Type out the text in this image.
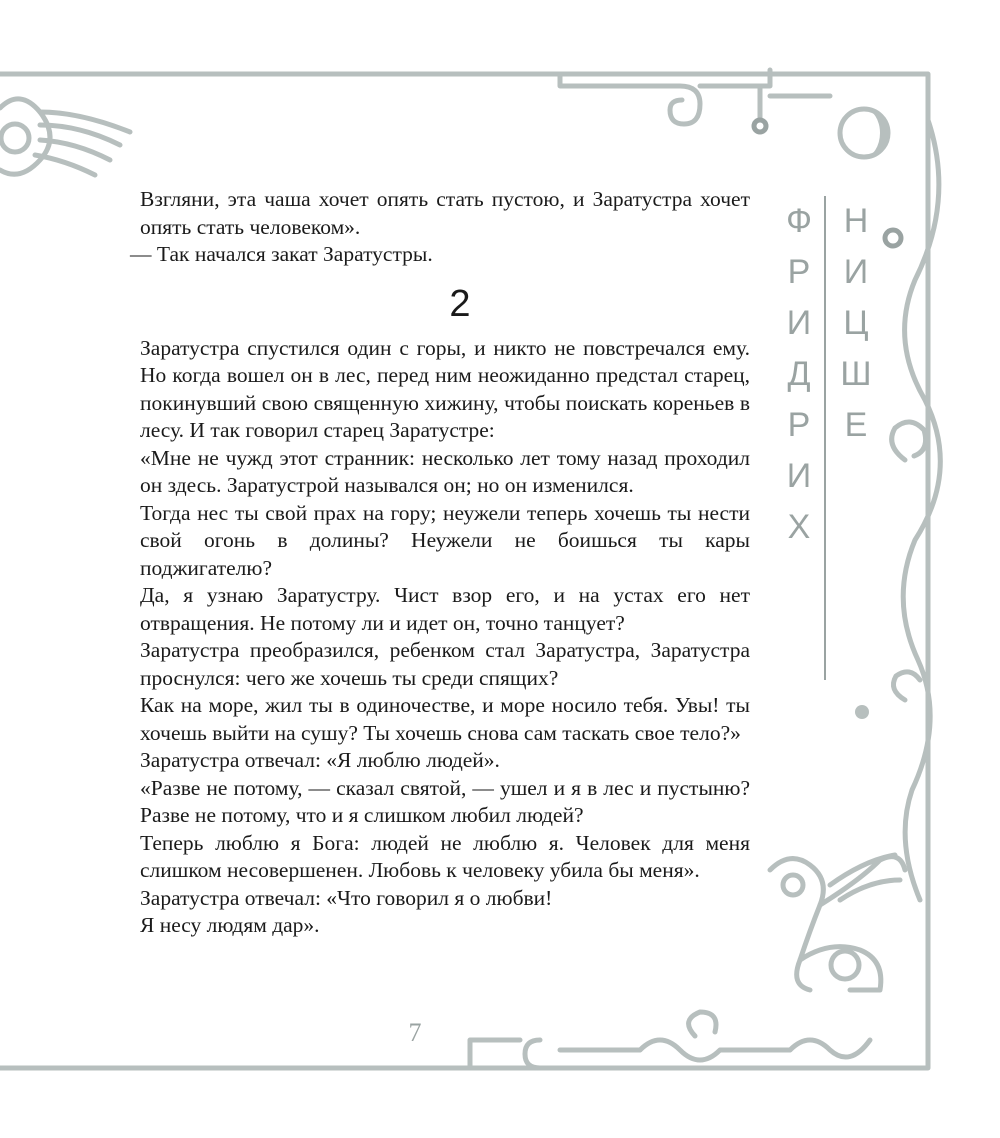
Ф
Р
И
Д
Р
И
Х
Н
И
Ц
Ш
Е

Взгляни, эта чаша хочет опять стать пустою, и Заратустра хочет опять стать человеком».

— Так начался закат Заратустры.

2

Заратустра спустился один с горы, и никто не повстречался ему. Но когда вошел он в лес, перед ним неожиданно предстал старец, покинувший свою священную хижину, чтобы поискать кореньев в лесу. И так говорил старец Заратустре:

«Мне не чужд этот странник: несколько лет тому назад проходил он здесь. Заратустрой назывался он; но он изменился.

Тогда нес ты свой прах на гору; неужели теперь хочешь ты нести свой огонь в долины? Неужели не боишься ты кары поджигателю?

Да, я узнаю Заратустру. Чист взор его, и на устах его нет отвращения. Не потому ли и идет он, точно танцует?

Заратустра преобразился, ребенком стал Заратустра, Заратустра проснулся: чего же хочешь ты среди спящих?

Как на море, жил ты в одиночестве, и море носило тебя. Увы! ты хочешь выйти на сушу? Ты хочешь снова сам таскать свое тело?»

Заратустра отвечал: «Я люблю людей».

«Разве не потому, — сказал святой, — ушел и я в лес и пустыню? Разве не потому, что и я слишком любил людей?

Теперь люблю я Бога: людей не люблю я. Человек для меня слишком несовершенен. Любовь к человеку убила бы меня».

Заратустра отвечал: «Что говорил я о любви!

Я несу людям дар».

7
